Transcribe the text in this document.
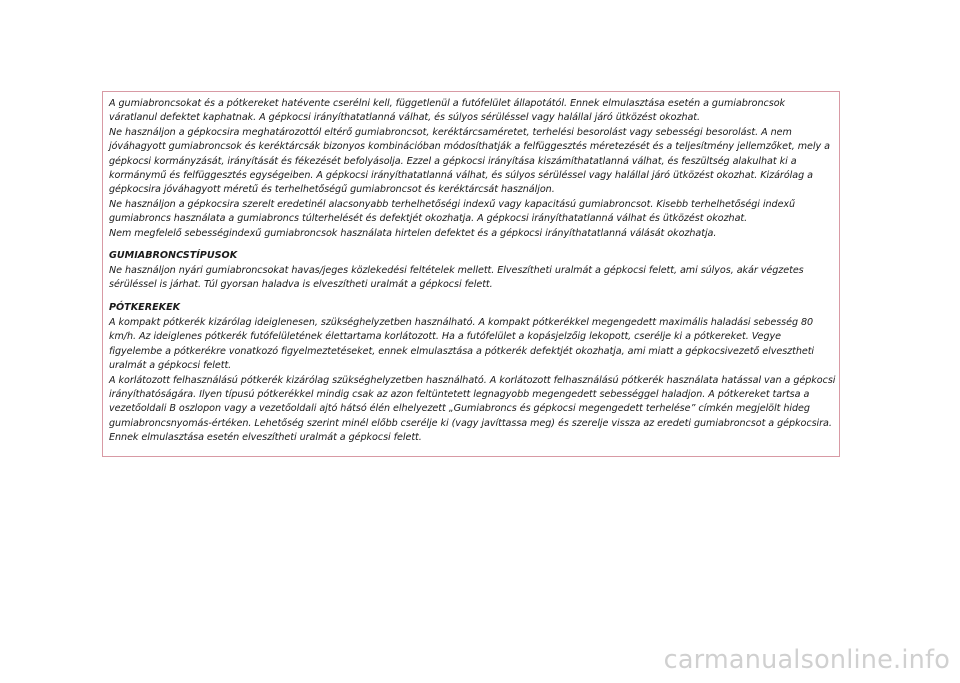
A gumiabroncsokat és a pótkereket hatévente cserélni kell, függetlenül a futófelület állapotától. Ennek elmulasztása esetén a gumiabroncsok váratlanul defektet kaphatnak. A gépkocsi irányíthatatlanná válhat, és súlyos sérüléssel vagy halállal járó ütközést okozhat.

Ne használjon a gépkocsira meghatározottól eltérő gumiabroncsot, keréktárcsaméretet, terhelési besorolást vagy sebességi besorolást. A nem jóváhagyott gumiabroncsok és keréktárcsák bizonyos kombinációban módosíthatják a felfüggesztés méretezését és a teljesítmény jellemzőket, mely a gépkocsi kormányzását, irányítását és fékezését befolyásolja. Ezzel a gépkocsi irányítása kiszámíthatatlanná válhat, és feszültség alakulhat ki a kormánymű és felfüggesztés egységeiben. A gépkocsi irányíthatatlanná válhat, és súlyos sérüléssel vagy halállal járó ütközést okozhat. Kizárólag a gépkocsira jóváhagyott méretű és terhelhetőségű gumiabroncsot és keréktárcsát használjon.

Ne használjon a gépkocsira szerelt eredetinél alacsonyabb terhelhetőségi indexű vagy kapacitású gumiabroncsot. Kisebb terhelhetőségi indexű gumiabroncs használata a gumiabroncs túlterhelését és defektjét okozhatja. A gépkocsi irányíthatatlanná válhat és ütközést okozhat.

Nem megfelelő sebességindexű gumiabroncsok használata hirtelen defektet és a gépkocsi irányíthatatlanná válását okozhatja.

GUMIABRONCSTÍPUSOK

Ne használjon nyári gumiabroncsokat havas/jeges közlekedési feltételek mellett. Elveszítheti uralmát a gépkocsi felett, ami súlyos, akár végzetes sérüléssel is járhat. Túl gyorsan haladva is elveszítheti uralmát a gépkocsi felett.

PÓTKEREKEK

A kompakt pótkerék kizárólag ideiglenesen, szükséghelyzetben használható. A kompakt pótkerékkel megengedett maximális haladási sebesség 80 km/h. Az ideiglenes pótkerék futófelületének élettartama korlátozott. Ha a futófelület a kopásjelzőig lekopott, cserélje ki a pótkereket. Vegye figyelembe a pótkerékre vonatkozó figyelmeztetéseket, ennek elmulasztása a pótkerék defektjét okozhatja, ami miatt a gépkocsivezető elvesztheti uralmát a gépkocsi felett.

A korlátozott felhasználású pótkerék kizárólag szükséghelyzetben használható. A korlátozott felhasználású pótkerék használata hatással van a gépkocsi irányíthatóságára. Ilyen típusú pótkerékkel mindig csak az azon feltüntetett legnagyobb megengedett sebességgel haladjon. A pótkereket tartsa a vezetőoldali B oszlopon vagy a vezetőoldali ajtó hátsó élén elhelyezett „Gumiabroncs és gépkocsi megengedett terhelése” címkén megjelölt hideg gumiabroncsnyomás-értéken. Lehetőség szerint minél előbb cserélje ki (vagy javíttassa meg) és szerelje vissza az eredeti gumiabroncsot a gépkocsira. Ennek elmulasztása esetén elveszítheti uralmát a gépkocsi felett.

carmanualsonline.info
